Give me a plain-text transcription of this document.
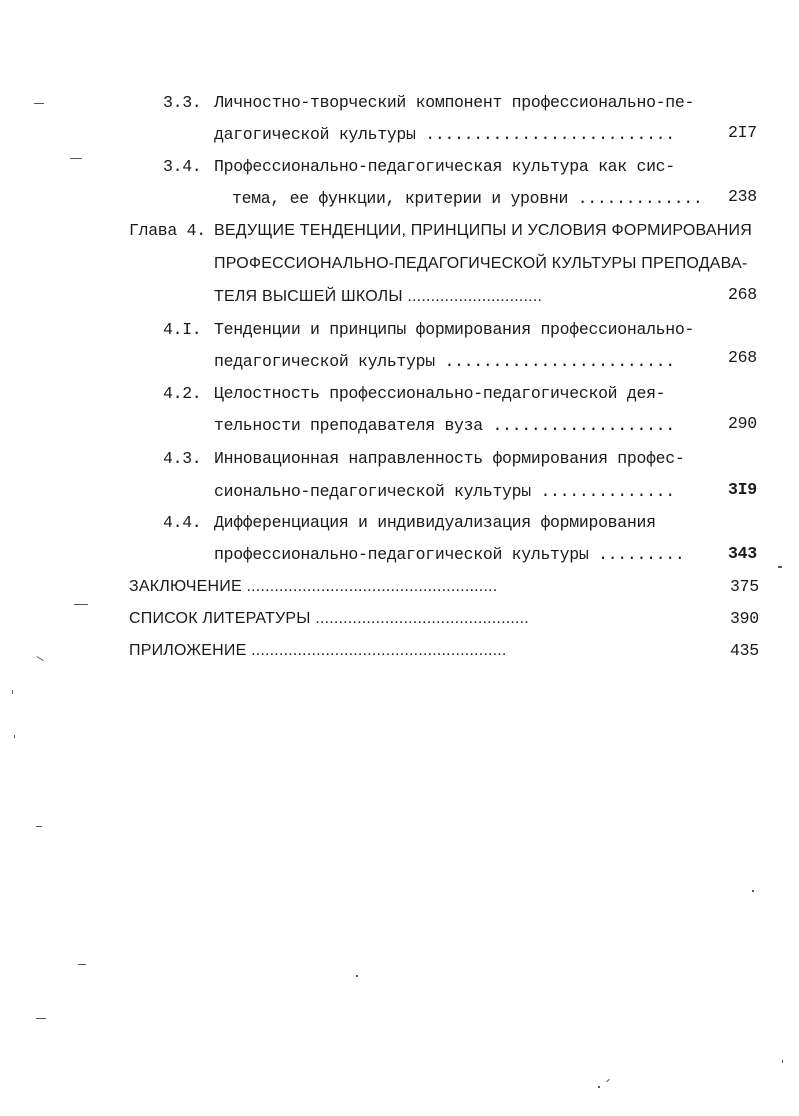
3.3. Личностно-творческий компонент профессионально-пе-
дагогической культуры ..........................	2I7
3.4. Профессионально-педагогическая культура как сис-
тема, ее функции, критерии и уровни ............. 238
Глава 4. ВЕДУЩИЕ ТЕНДЕНЦИИ, ПРИНЦИПЫ И УСЛОВИЯ ФОРМИРОВАНИЯ
ПРОФЕССИОНАЛЬНО-ПЕДАГОГИЧЕСКОЙ КУЛЬТУРЫ ПРЕПОДАВА-
ТЕЛЯ ВЫСШЕЙ ШКОЛЫ .............................	268
4.I. Тенденции и принципы формирования профессионально-
педагогической культуры ........................	268
4.2. Целостность профессионально-педагогической дея-
тельности преподавателя вуза ...................	290
4.3. Инновационная направленность формирования профес-
сионально-педагогической культуры ..............	3I9
4.4. Дифференциация и индивидуализация формирования
профессионально-педагогической культуры .........	343
ЗАКЛЮЧЕНИЕ ......................................................	375
СПИСОК ЛИТЕРАТУРЫ ..............................................	390
ПРИЛОЖЕНИЕ .......................................................	435
